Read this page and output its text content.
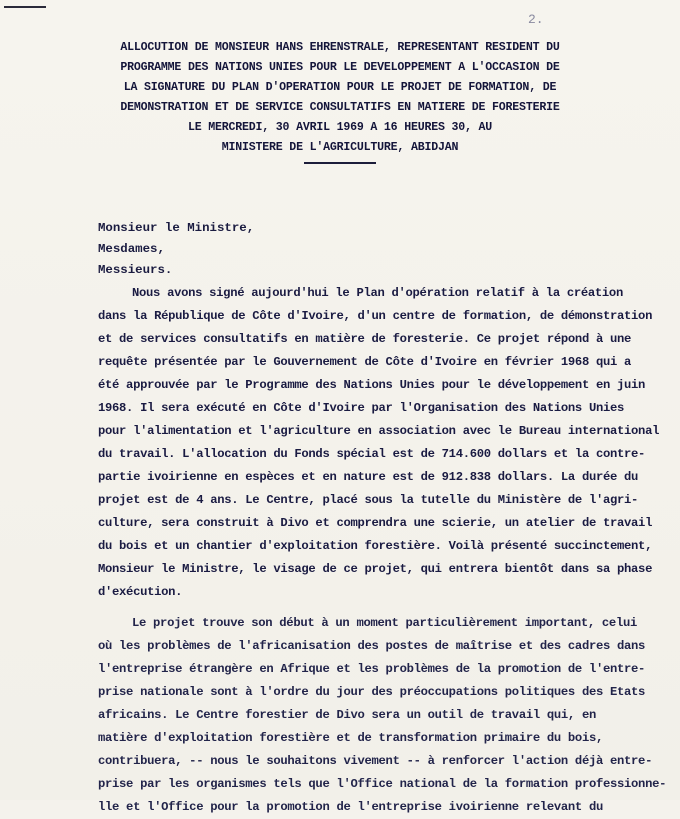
2.
ALLOCUTION DE MONSIEUR HANS EHRENSTRALE, REPRESENTANT RESIDENT DU
PROGRAMME DES NATIONS UNIES POUR LE DEVELOPPEMENT A L'OCCASION DE
LA SIGNATURE DU PLAN D'OPERATION POUR LE PROJET DE FORMATION, DE
DEMONSTRATION ET DE SERVICE CONSULTATIFS EN MATIERE DE FORESTERIE
LE MERCREDI, 30 AVRIL 1969 A 16 HEURES 30, AU
MINISTERE DE L'AGRICULTURE, ABIDJAN
Monsieur le Ministre,
Mesdames,
Messieurs.
Nous avons signé aujourd'hui le Plan d'opération relatif à la création
dans la République de Côte d'Ivoire, d'un centre de formation, de démonstration
et de services consultatifs en matière de foresterie. Ce projet répond à une
requête présentée par le Gouvernement de Côte d'Ivoire en février 1968 qui a
été approuvée par le Programme des Nations Unies pour le développement en juin
1968. Il sera exécuté en Côte d'Ivoire par l'Organisation des Nations Unies
pour l'alimentation et l'agriculture en association avec le Bureau international
du travail. L'allocation du Fonds spécial est de 714.600 dollars et la contre-
partie ivoirienne en espèces et en nature est de 912.838 dollars. La durée du
projet est de 4 ans. Le Centre, placé sous la tutelle du Ministère de l'agri-
culture, sera construit à Divo et comprendra une scierie, un atelier de travail
du bois et un chantier d'exploitation forestière. Voilà présenté succinctement,
Monsieur le Ministre, le visage de ce projet, qui entrera bientôt dans sa phase
d'exécution.
Le projet trouve son début à un moment particulièrement important, celui
où les problèmes de l'africanisation des postes de maîtrise et des cadres dans
l'entreprise étrangère en Afrique et les problèmes de la promotion de l'entre-
prise nationale sont à l'ordre du jour des préoccupations politiques des Etats
africains. Le Centre forestier de Divo sera un outil de travail qui, en
matière d'exploitation forestière et de transformation primaire du bois,
contribuera, -- nous le souhaitons vivement -- à renforcer l'action déjà entre-
prise par les organismes tels que l'Office national de la formation professionne-
lle et l'Office pour la promotion de l'entreprise ivoirienne relevant du
